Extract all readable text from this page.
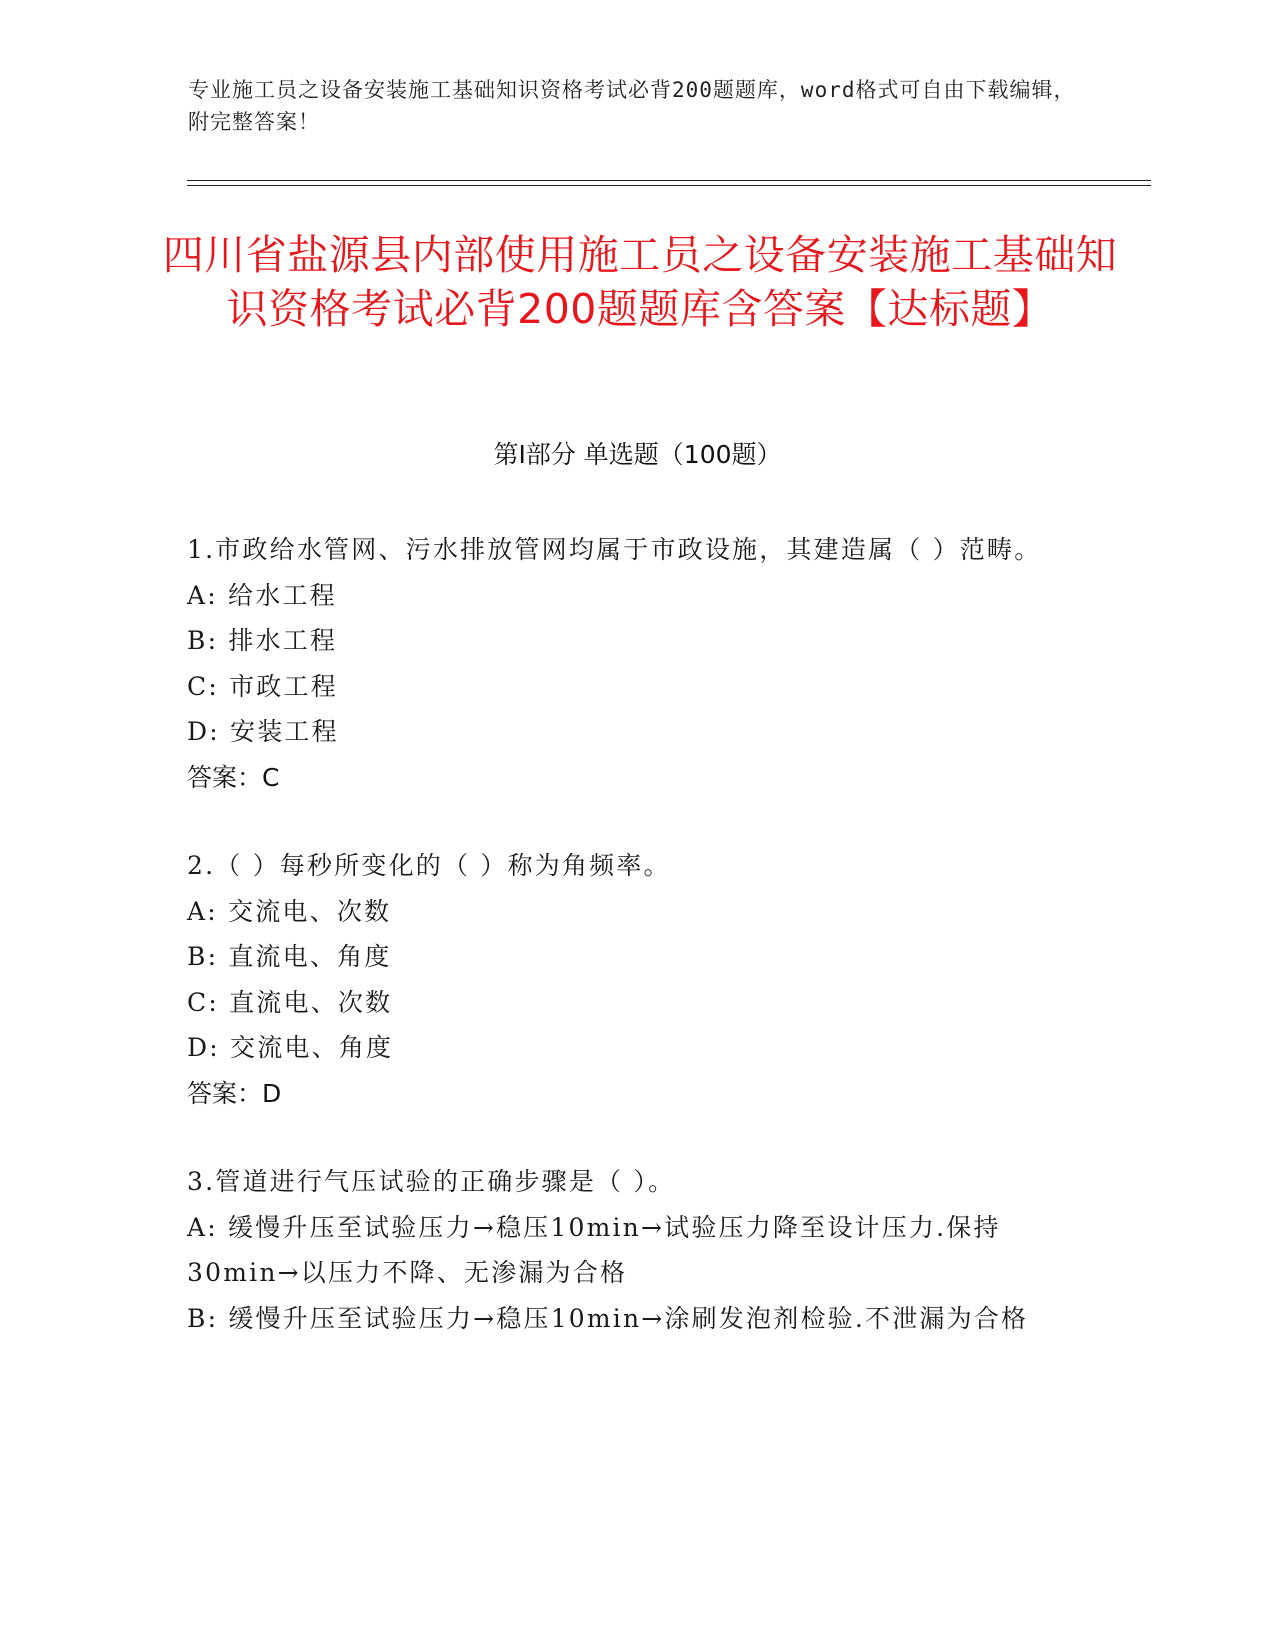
专业施工员之设备安装施工基础知识资格考试必背200题题库，word格式可自由下载编辑，附完整答案！
四川省盐源县内部使用施工员之设备安装施工基础知识资格考试必背200题题库含答案【达标题】
第I部分 单选题（100题）
1.市政给水管网、污水排放管网均属于市政设施，其建造属（ ）范畴。
A: 给水工程
B: 排水工程
C: 市政工程
D: 安装工程
答案：C
2.（ ）每秒所变化的（ ）称为角频率。
A: 交流电、次数
B: 直流电、角度
C: 直流电、次数
D: 交流电、角度
答案：D
3.管道进行气压试验的正确步骤是（ ）。
A: 缓慢升压至试验压力→稳压10min→试验压力降至设计压力.保持30min→以压力不降、无渗漏为合格
B: 缓慢升压至试验压力→稳压10min→涂刷发泡剂检验.不泄漏为合格
